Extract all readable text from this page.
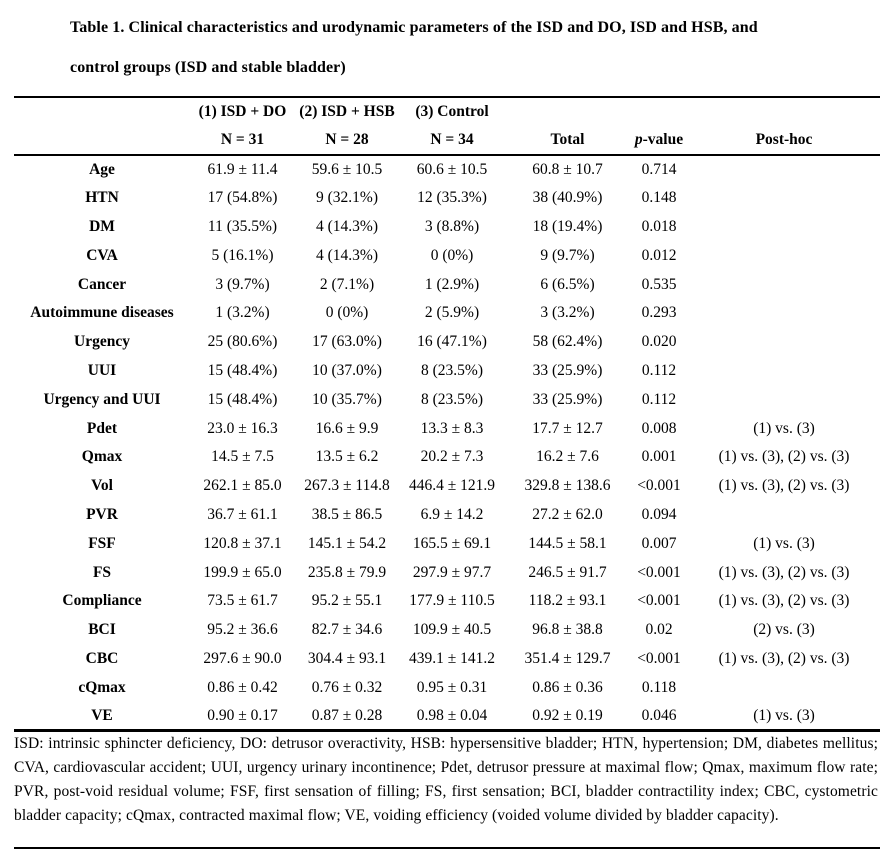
Table 1. Clinical characteristics and urodynamic parameters of the ISD and DO, ISD and HSB, and
control groups (ISD and stable bladder)
	(1) ISD + DO	(2) ISD + HSB	(3) Control			
	N = 31	N = 28	N = 34	Total	p-value	Post-hoc
Age	61.9 ± 11.4	59.6 ± 10.5	60.6 ± 10.5	60.8 ± 10.7	0.714	
HTN	17 (54.8%)	9 (32.1%)	12 (35.3%)	38 (40.9%)	0.148	
DM	11 (35.5%)	4 (14.3%)	3 (8.8%)	18 (19.4%)	0.018	
CVA	5 (16.1%)	4 (14.3%)	0 (0%)	9 (9.7%)	0.012	
Cancer	3 (9.7%)	2 (7.1%)	1 (2.9%)	6 (6.5%)	0.535	
Autoimmune diseases	1 (3.2%)	0 (0%)	2 (5.9%)	3 (3.2%)	0.293	
Urgency	25 (80.6%)	17 (63.0%)	16 (47.1%)	58 (62.4%)	0.020	
UUI	15 (48.4%)	10 (37.0%)	8 (23.5%)	33 (25.9%)	0.112	
Urgency and UUI	15 (48.4%)	10 (35.7%)	8 (23.5%)	33 (25.9%)	0.112	
Pdet	23.0 ± 16.3	16.6 ± 9.9	13.3 ± 8.3	17.7 ± 12.7	0.008	(1) vs. (3)
Qmax	14.5 ± 7.5	13.5 ± 6.2	20.2 ± 7.3	16.2 ± 7.6	0.001	(1) vs. (3), (2) vs. (3)
Vol	262.1 ± 85.0	267.3 ± 114.8	446.4 ± 121.9	329.8 ± 138.6	<0.001	(1) vs. (3), (2) vs. (3)
PVR	36.7 ± 61.1	38.5 ± 86.5	6.9 ± 14.2	27.2 ± 62.0	0.094	
FSF	120.8 ± 37.1	145.1 ± 54.2	165.5 ± 69.1	144.5 ± 58.1	0.007	(1) vs. (3)
FS	199.9 ± 65.0	235.8 ± 79.9	297.9 ± 97.7	246.5 ± 91.7	<0.001	(1) vs. (3), (2) vs. (3)
Compliance	73.5 ± 61.7	95.2 ± 55.1	177.9 ± 110.5	118.2 ± 93.1	<0.001	(1) vs. (3), (2) vs. (3)
BCI	95.2 ± 36.6	82.7 ± 34.6	109.9 ± 40.5	96.8 ± 38.8	0.02	(2) vs. (3)
CBC	297.6 ± 90.0	304.4 ± 93.1	439.1 ± 141.2	351.4 ± 129.7	<0.001	(1) vs. (3), (2) vs. (3)
cQmax	0.86 ± 0.42	0.76 ± 0.32	0.95 ± 0.31	0.86 ± 0.36	0.118	
VE	0.90 ± 0.17	0.87 ± 0.28	0.98 ± 0.04	0.92 ± 0.19	0.046	(1) vs. (3)

ISD: intrinsic sphincter deficiency, DO: detrusor overactivity, HSB: hypersensitive bladder; HTN, hypertension; DM, diabetes mellitus; CVA, cardiovascular accident; UUI, urgency urinary incontinence; Pdet, detrusor pressure at maximal flow; Qmax, maximum flow rate; PVR, post-void residual volume; FSF, first sensation of filling; FS, first sensation; BCI, bladder contractility index; CBC, cystometric bladder capacity; cQmax, contracted maximal flow; VE, voiding efficiency (voided volume divided by bladder capacity).
